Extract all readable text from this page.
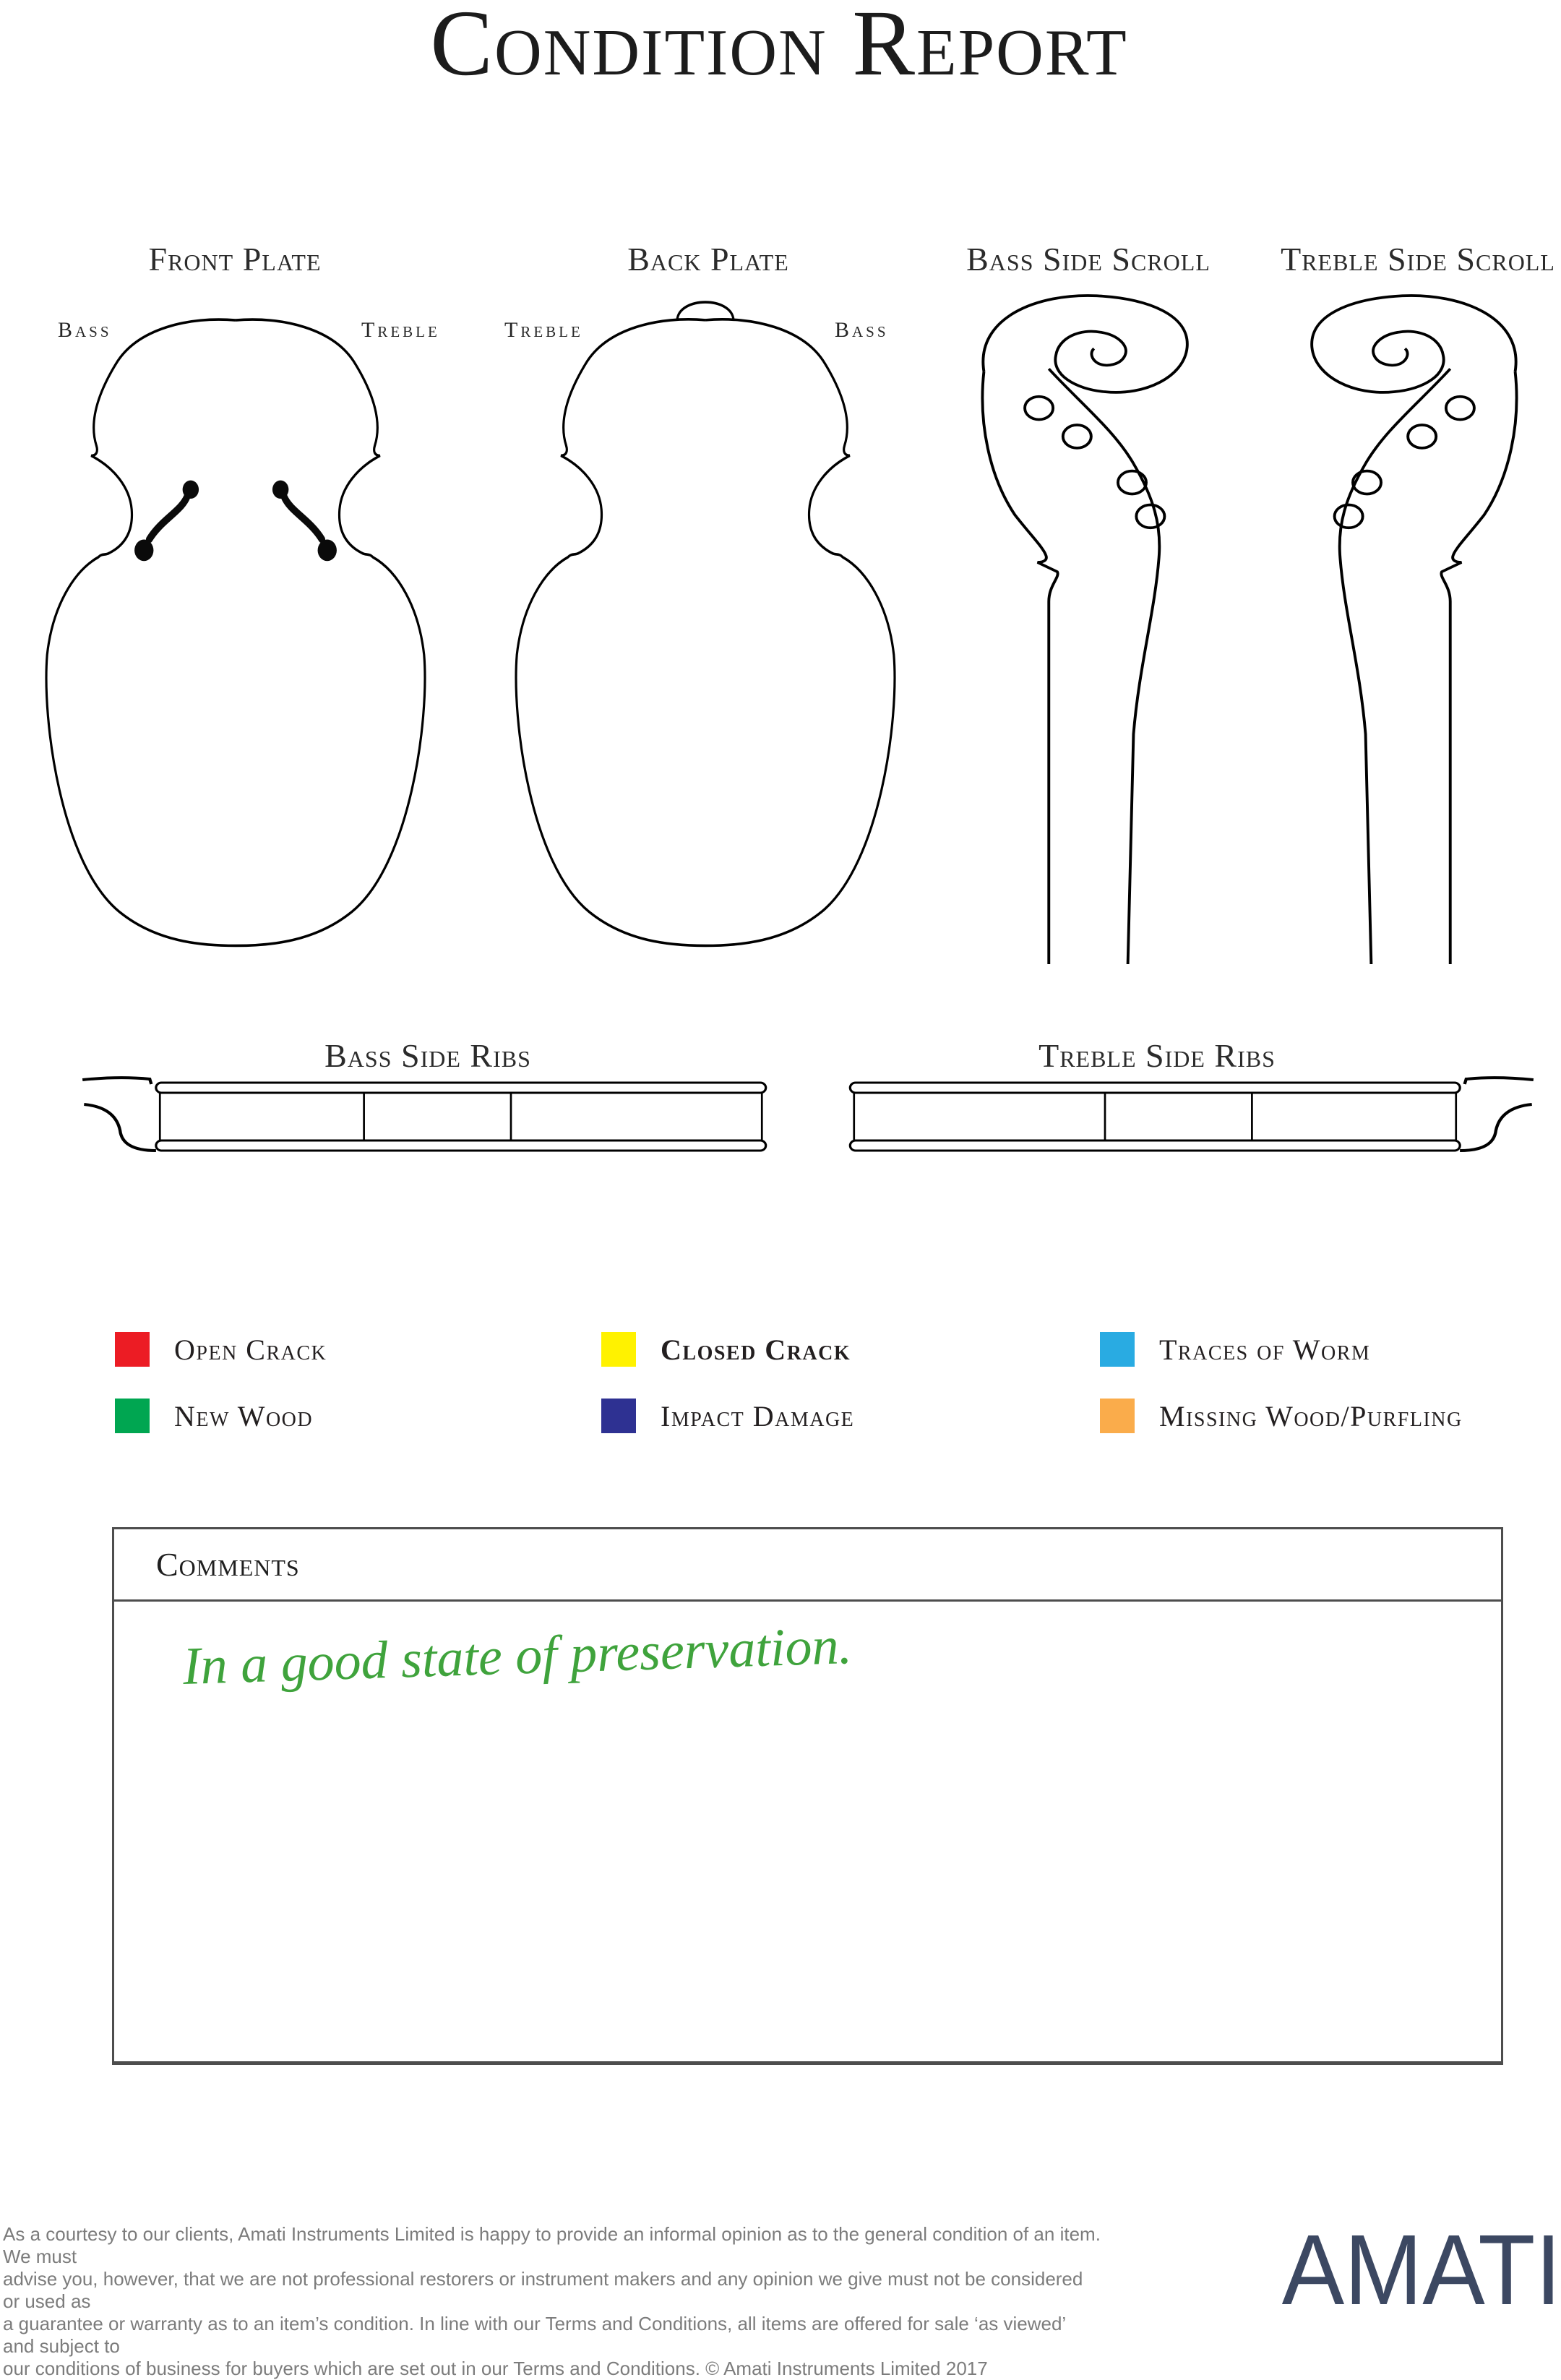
Condition Report
Front Plate	Back Plate	Bass Side Scroll Treble Side Scroll
Bass	Treble	Treble	Bass
Bass Side Ribs	Treble Side Ribs
Open Crack
New Wood
Closed Crack
Impact Damage
Traces of Worm
Missing Wood/Purfling
Comments
In a good state of preservation.
As a courtesy to our clients, Amati Instruments Limited is happy to provide an informal opinion as to the general condition of an item. We must
advise you, however, that we are not professional restorers or instrument makers and any opinion we give must not be considered or used as
a guarantee or warranty as to an item’s condition. In line with our Terms and Conditions, all items are offered for sale ‘as viewed’ and subject to
our conditions of business for buyers which are set out in our Terms and Conditions. © Amati Instruments Limited 2017
AMATI
